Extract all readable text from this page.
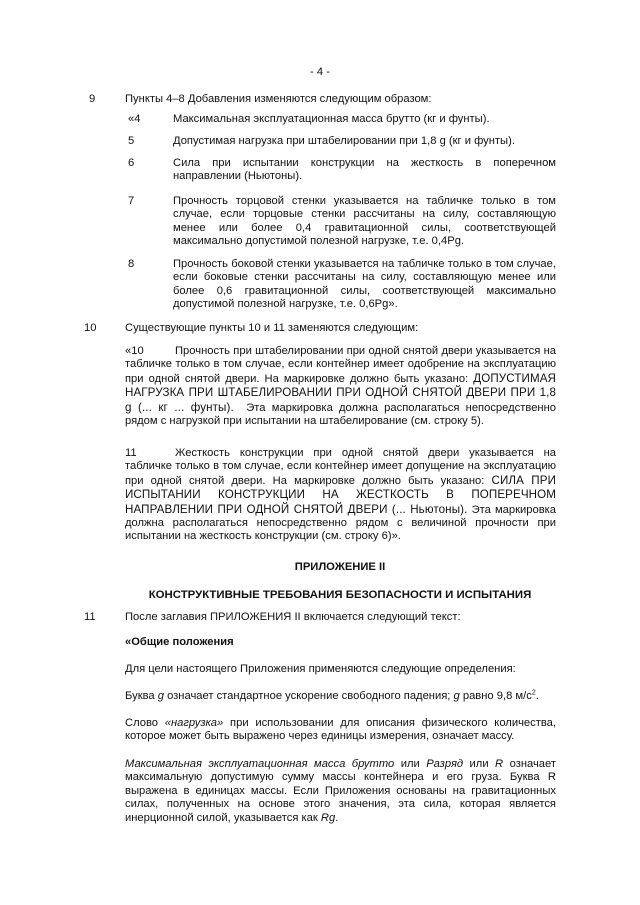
- 4 -
9	Пункты 4–8 Добавления изменяются следующим образом:
«4	Максимальная эксплуатационная масса брутто (кг и фунты).
5	Допустимая нагрузка при штабелировании при 1,8 g (кг и фунты).
6	Сила при испытании конструкции на жесткость в поперечном направлении (Ньютоны).
7	Прочность торцовой стенки указывается на табличке только в том случае, если торцовые стенки рассчитаны на силу, составляющую менее или более 0,4 гравитационной силы, соответствующей максимально допустимой полезной нагрузке, т.е. 0,4Pg.
8	Прочность боковой стенки указывается на табличке только в том случае, если боковые стенки рассчитаны на силу, составляющую менее или более 0,6 гравитационной силы, соответствующей максимально допустимой полезной нагрузке, т.е. 0,6Pg».
10	Существующие пункты 10 и 11 заменяются следующим:
«10	Прочность при штабелировании при одной снятой двери указывается на табличке только в том случае, если контейнер имеет одобрение на эксплуатацию при одной снятой двери. На маркировке должно быть указано: ДОПУСТИМАЯ НАГРУЗКА ПРИ ШТАБЕЛИРОВАНИИ ПРИ ОДНОЙ СНЯТОЙ ДВЕРИ ПРИ 1,8 g (... кг ... фунты). Эта маркировка должна располагаться непосредственно рядом с нагрузкой при испытании на штабелирование (см. строку 5).
11	Жесткость конструкции при одной снятой двери указывается на табличке только в том случае, если контейнер имеет допущение на эксплуатацию при одной снятой двери. На маркировке должно быть указано: СИЛА ПРИ ИСПЫТАНИИ КОНСТРУКЦИИ НА ЖЕСТКОСТЬ В ПОПЕРЕЧНОМ НАПРАВЛЕНИИ ПРИ ОДНОЙ СНЯТОЙ ДВЕРИ (... Ньютоны). Эта маркировка должна располагаться непосредственно рядом с величиной прочности при испытании на жесткость конструкции (см. строку 6)».
ПРИЛОЖЕНИЕ II
КОНСТРУКТИВНЫЕ ТРЕБОВАНИЯ БЕЗОПАСНОСТИ И ИСПЫТАНИЯ
11	После заглавия ПРИЛОЖЕНИЯ II включается следующий текст:
«Общие положения
Для цели настоящего Приложения применяются следующие определения:
Буква g означает стандартное ускорение свободного падения; g равно 9,8 $м/с^2$.
Слово «нагрузка» при использовании для описания физического количества, которое может быть выражено через единицы измерения, означает массу.
Максимальная эксплуатационная масса брутто или Разряд или R означает максимальную допустимую сумму массы контейнера и его груза. Буква R выражена в единицах массы. Если Приложения основаны на гравитационных силах, полученных на основе этого значения, эта сила, которая является инерционной силой, указывается как Rg.
